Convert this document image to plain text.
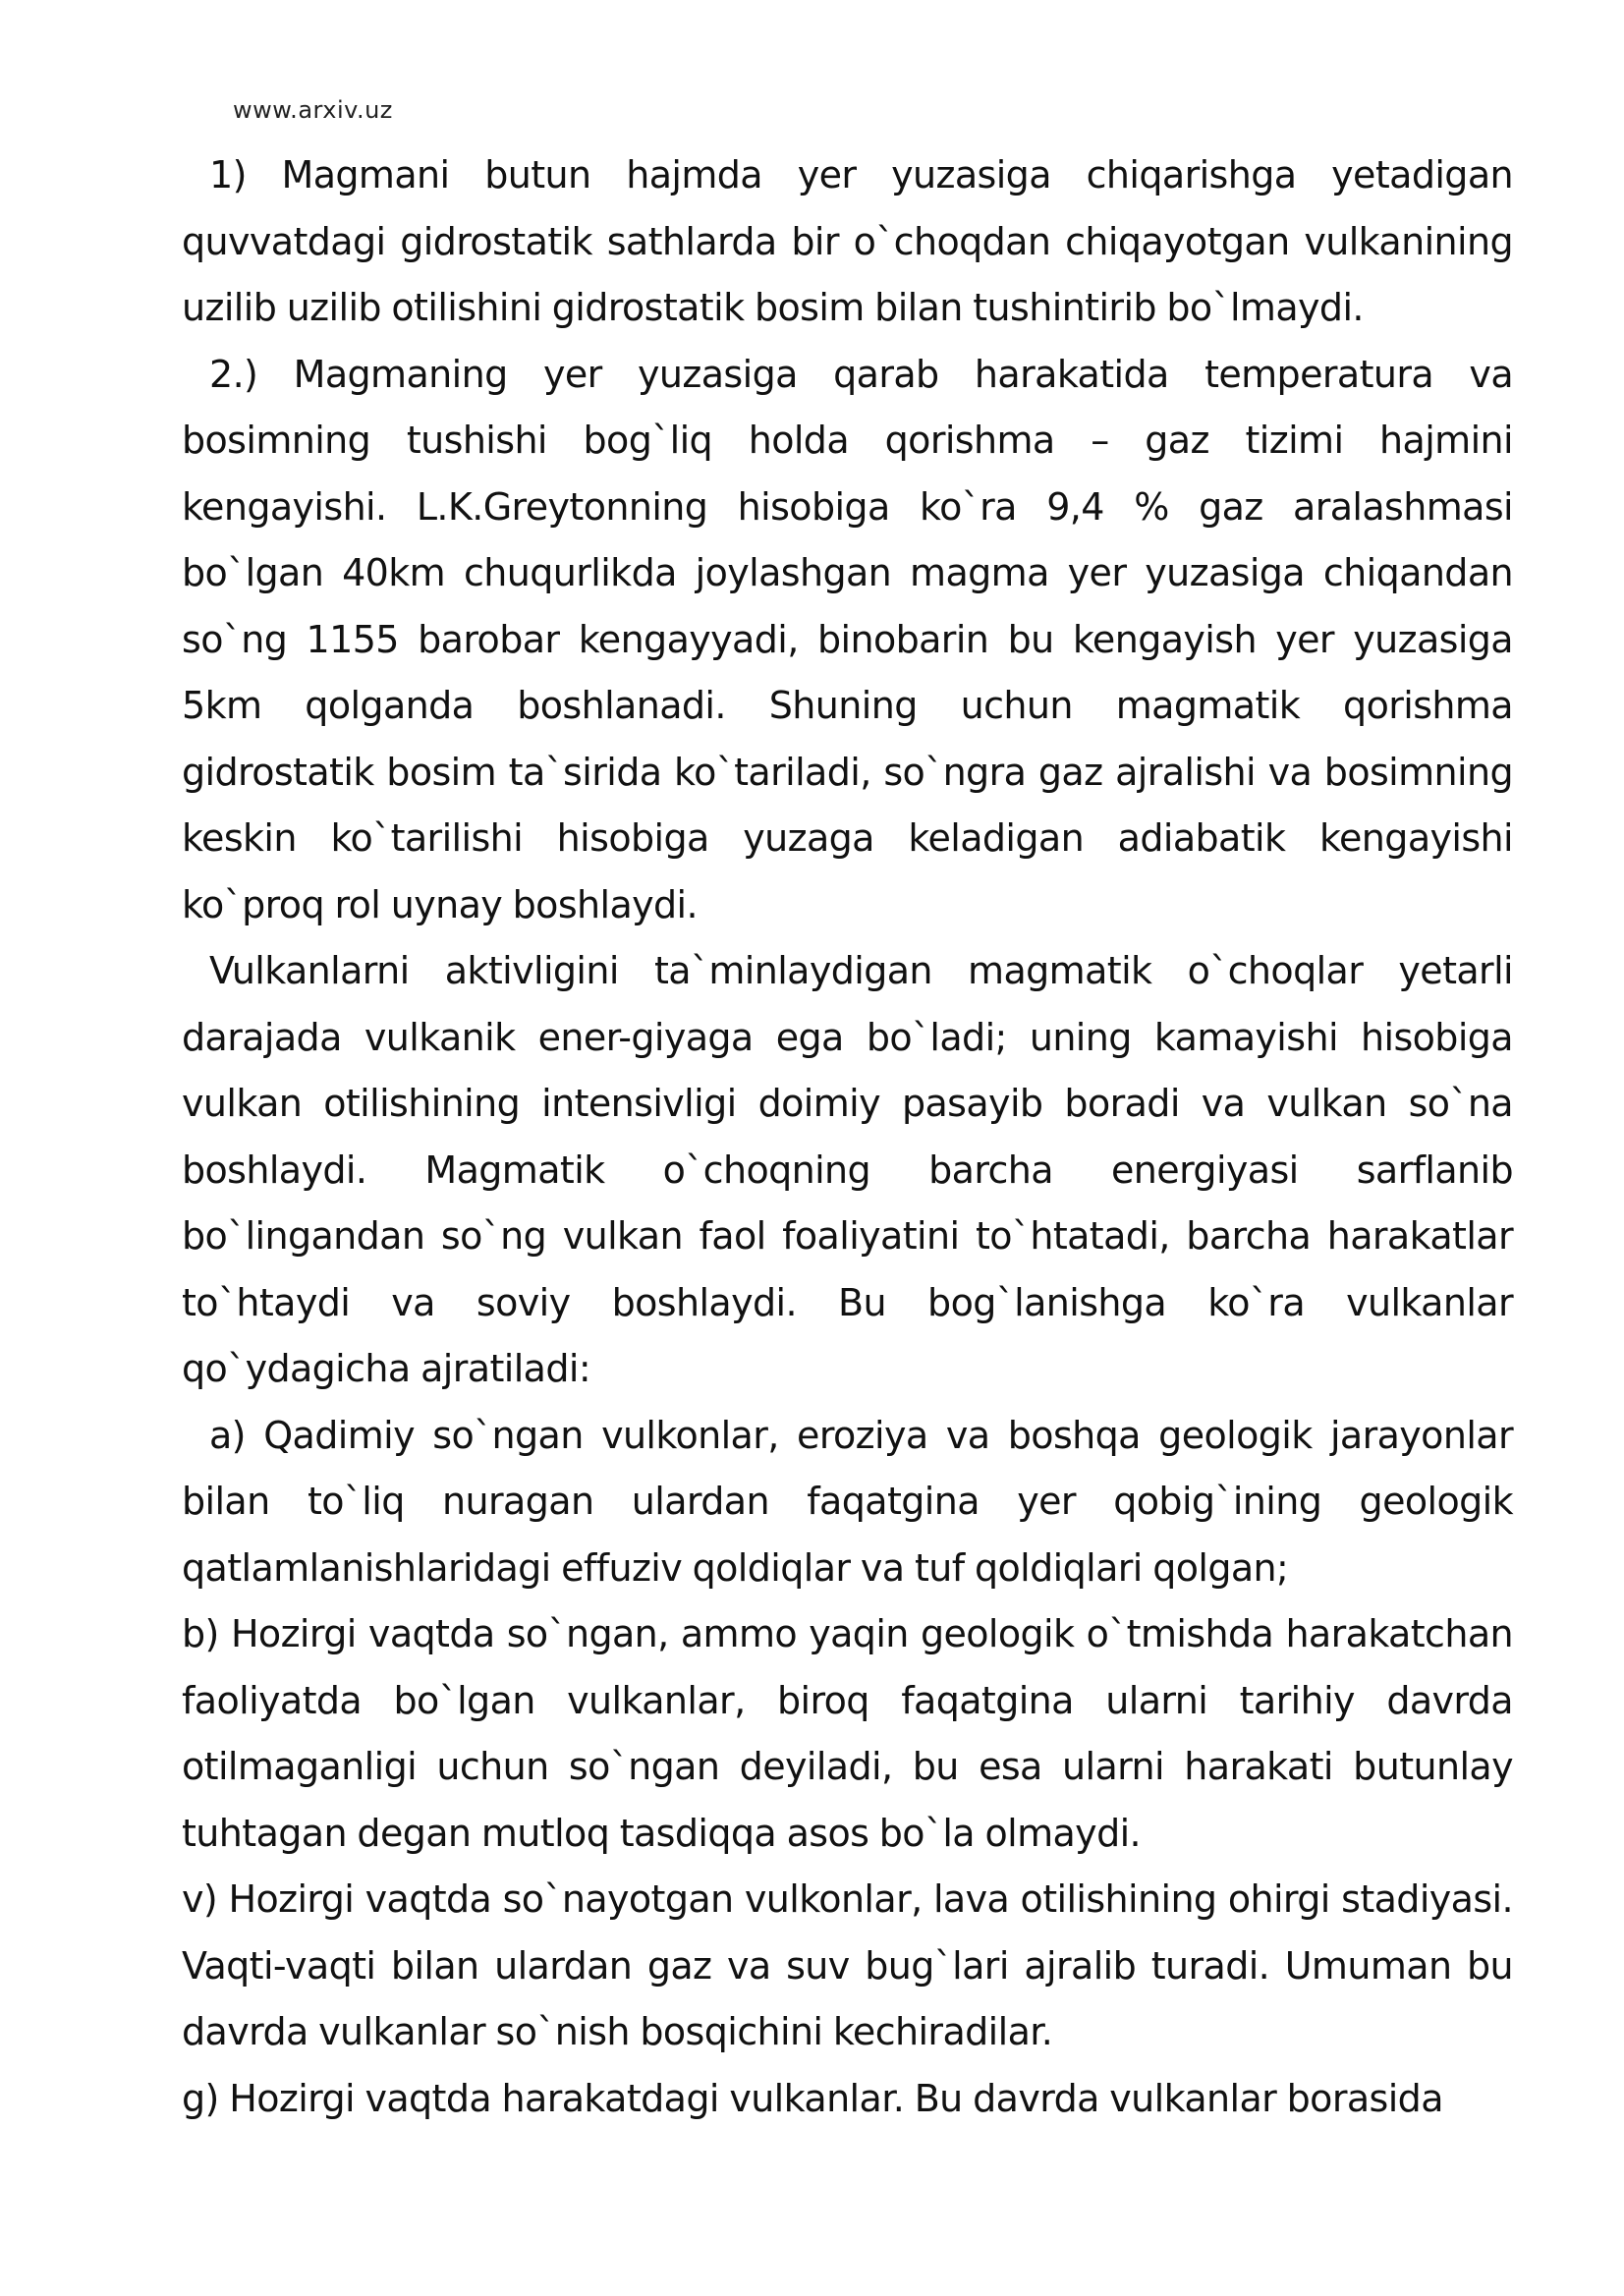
www.arxiv.uz

1) Magmani butun hajmda yer yuzasiga chiqarishga yetadigan quvvatdagi gidrostatik sathlarda bir o`choqdan chiqayotgan vulkanining uzilib uzilib otilishini gidrostatik bosim bilan tushintirib bo`lmaydi.

2.) Magmaning yer yuzasiga qarab harakatida temperatura va bosimning tushishi bog`liq holda qorishma – gaz tizimi hajmini kengayishi. L.K.Greytonning hisobiga ko`ra 9,4 % gaz aralashmasi bo`lgan 40km chuqurlikda joylashgan magma yer yuzasiga chiqandan so`ng 1155 barobar kengayyadi, binobarin bu kengayish yer yuzasiga 5km qolganda boshlanadi. Shuning uchun magmatik qorishma gidrostatik bosim ta`sirida ko`tariladi, so`ngra gaz ajralishi va bosimning keskin ko`tarilishi hisobiga yuzaga keladigan adiabatik kengayishi ko`proq rol uynay boshlaydi.

Vulkanlarni aktivligini ta`minlaydigan magmatik o`choqlar yetarli darajada vulkanik ener-giyaga ega bo`ladi; uning kamayishi hisobiga vulkan otilishining intensivligi doimiy pasayib boradi va vulkan so`na boshlaydi. Magmatik o`choqning barcha energiyasi sarflanib bo`lingandan so`ng vulkan faol foaliyatini to`htatadi, barcha harakatlar to`htaydi va soviy boshlaydi. Bu bog`lanishga ko`ra vulkanlar qo`ydagicha ajratiladi:

a) Qadimiy so`ngan vulkonlar, eroziya va boshqa geologik jarayonlar bilan to`liq nuragan ulardan faqatgina yer qobig`ining geologik qatlamlanishlaridagi effuziv qoldiqlar va tuf qoldiqlari qolgan;

b) Hozirgi vaqtda so`ngan, ammo yaqin geologik o`tmishda harakatchan faoliyatda bo`lgan vulkanlar, biroq faqatgina ularni tarihiy davrda otilmaganligi uchun so`ngan deyiladi, bu esa ularni harakati butunlay tuhtagan degan mutloq tasdiqqa asos bo`la olmaydi.

v) Hozirgi vaqtda so`nayotgan vulkonlar, lava otilishining ohirgi stadiyasi. Vaqti-vaqti bilan ulardan gaz va suv bug`lari ajralib turadi. Umuman bu davrda vulkanlar so`nish bosqichini kechiradilar.

g) Hozirgi vaqtda harakatdagi vulkanlar. Bu davrda vulkanlar borasida
